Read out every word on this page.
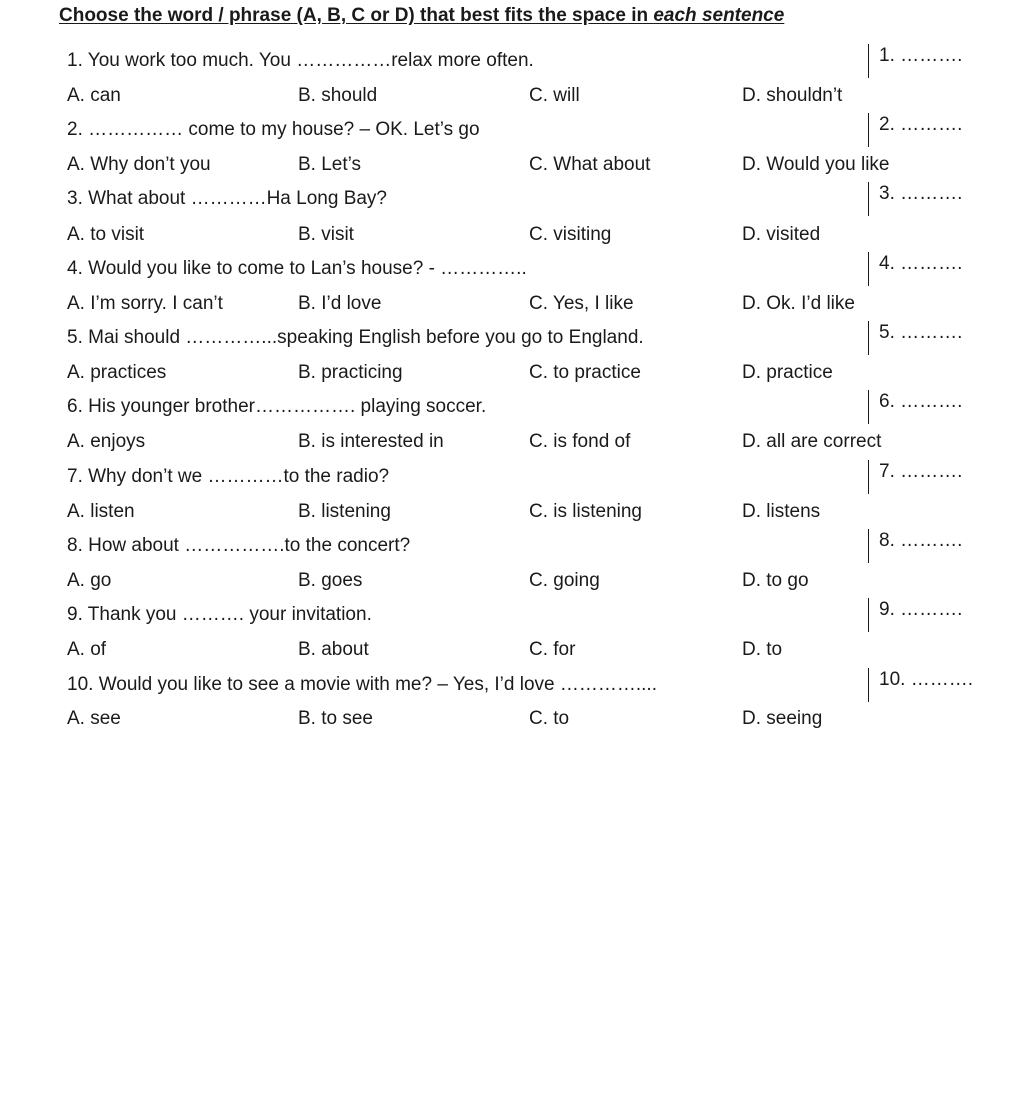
Choose the word / phrase (A, B, C or D) that best fits the space in each sentence
1. You work too much. You ……………relax more often.	1. ……….
A. can	B. should	C. will	D. shouldn’t
2. …………… come to my house? – OK. Let’s go	2. ……….
A. Why don’t you	B. Let’s	C. What about	D. Would you like
3. What about …………Ha Long Bay?	3. ……….
A. to visit	B. visit	C. visiting	D. visited
4. Would you like to come to Lan’s house? - …………..	4. ……….
A. I’m sorry. I can’t	B. I’d love	C. Yes, I like	D. Ok. I’d like
5. Mai should …………...speaking English before you go to England.	5. ……….
A. practices	B. practicing	C. to practice	D. practice
6. His younger brother……………. playing soccer.	6. ……….
A. enjoys	B. is interested in	C. is fond of	D. all are correct
7. Why don’t we …………to the radio?	7. ……….
A. listen	B. listening	C. is listening	D. listens
8. How about …………….to the concert?	8. ……….
A. go	B. goes	C. going	D. to go
9. Thank you ………. your invitation.	9. ……….
A. of	B. about	C. for	D. to
10. Would you like to see a movie with me? – Yes, I’d love …………....	10. ……….
A. see	B. to see	C. to	D. seeing
